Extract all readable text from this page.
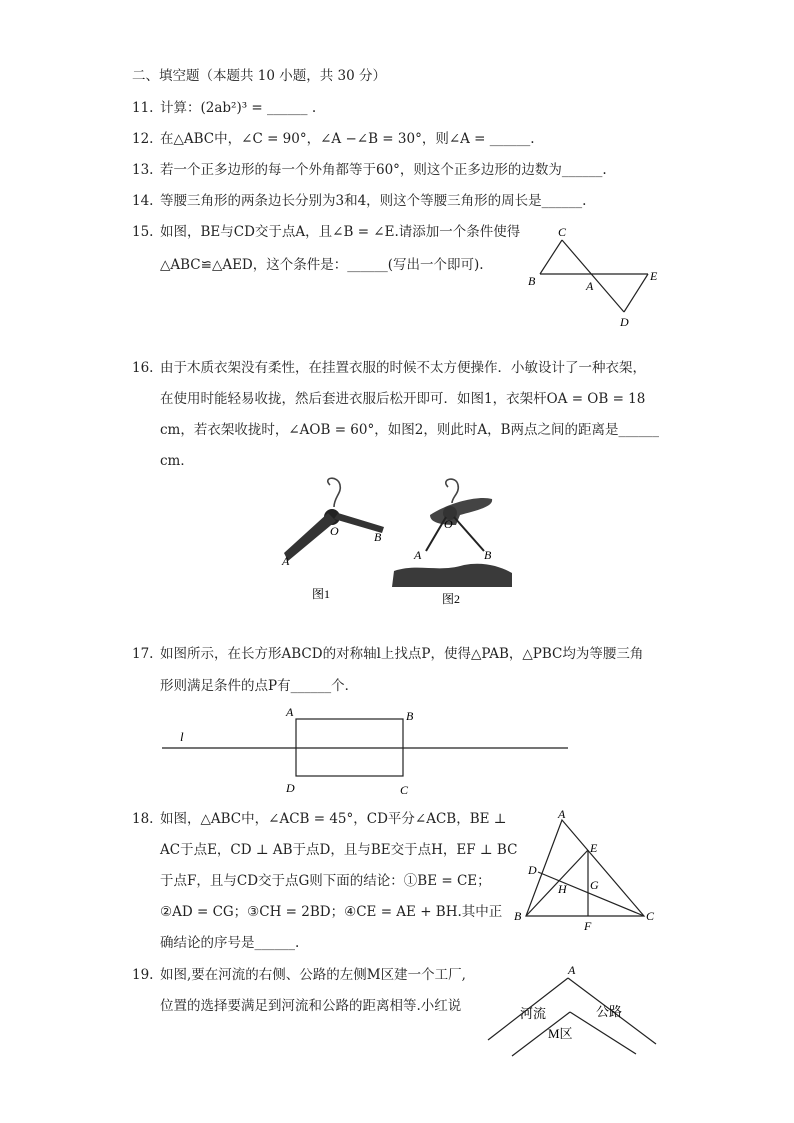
二、填空题（本题共 10 小题，共 30 分）
11. 计算：(2ab²)³ = ______ .
12. 在△ABC中，∠C = 90°，∠A −∠B = 30°，则∠A = ______.
13. 若一个正多边形的每一个外角都等于60°，则这个正多边形的边数为______.
14. 等腰三角形的两条边长分别为3和4，则这个等腰三角形的周长是______.
15. 如图，BE与CD交于点A，且∠B = ∠E.请添加一个条件使得
△ABC≌△AED，这个条件是：______(写出一个即可).
C
B	A
E
D
16. 由于木质衣架没有柔性，在挂置衣服的时候不太方便操作．小敏设计了一种衣架，
在使用时能轻易收拢，然后套进衣服后松开即可．如图1，衣架杆OA = OB = 18
cm，若衣架收拢时，∠AOB = 60°，如图2，则此时A，B两点之间的距离是______
cm．
O
A
B
图1
O
A	B
图2
17. 如图所示，在长方形ABCD的对称轴l上找点P，使得△PAB，△PBC均为等腰三角
形则满足条件的点P有______个．
A	B
l
D	C
18. 如图，△ABC中，∠ACB = 45°，CD平分∠ACB，BE ⊥
AC于点E，CD ⊥ AB于点D，且与BE交于点H，EF ⊥ BC
于点F，且与CD交于点G则下面的结论：①BE = CE；
②AD = CG；③CH = 2BD；④CE = AE + BH.其中正
确结论的序号是______.
A
E
D
H G
B
F
C
19. 如图,要在河流的右侧、公路的左侧M区建一个工厂,
位置的选择要满足到河流和公路的距离相等.小红说
A
河流	公路
M区
